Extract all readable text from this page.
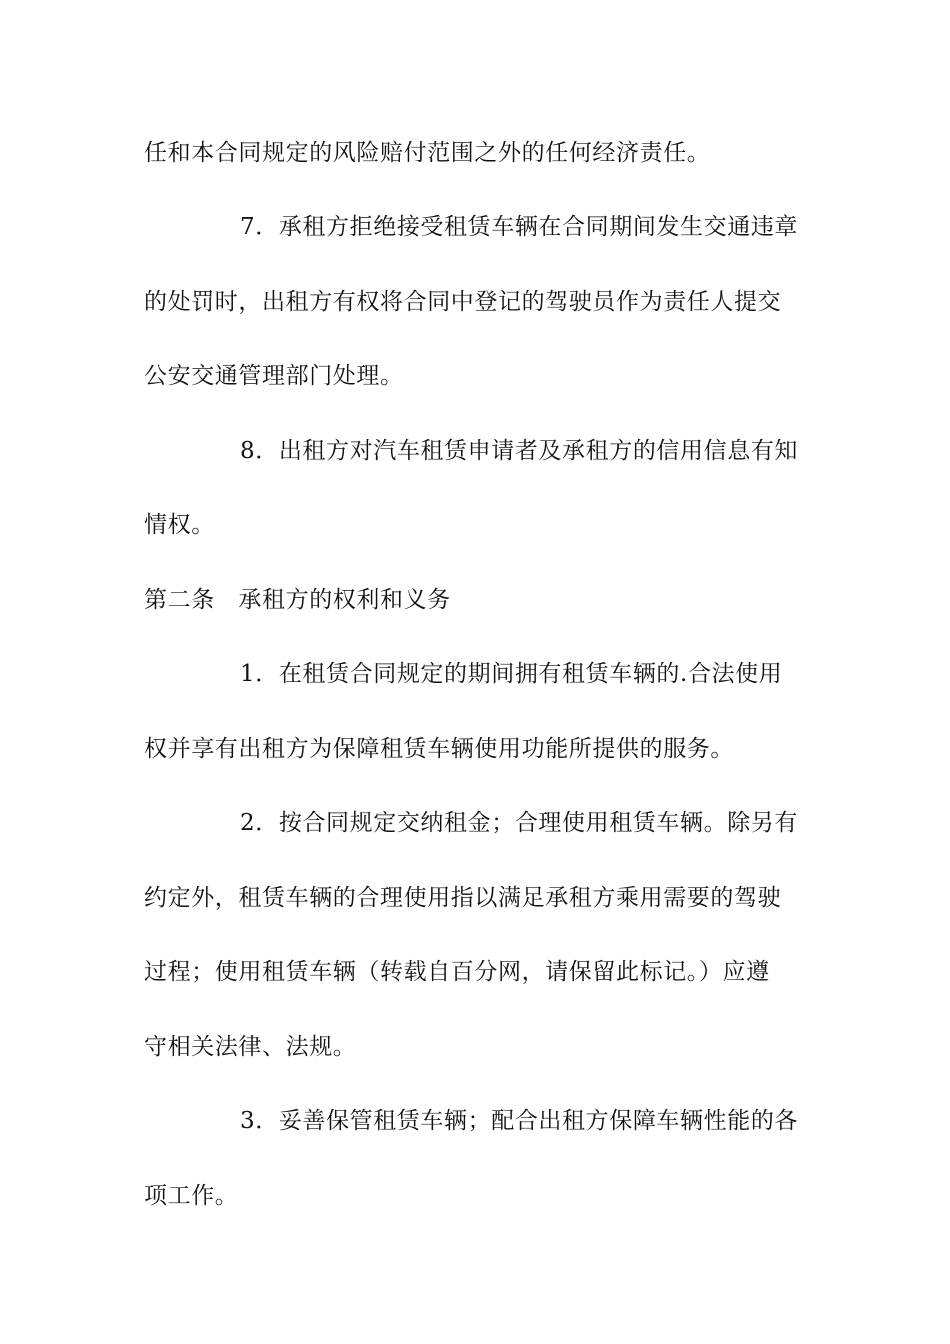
任和本合同规定的风险赔付范围之外的任何经济责任。
7．承租方拒绝接受租赁车辆在合同期间发生交通违章
的处罚时，出租方有权将合同中登记的驾驶员作为责任人提交
公安交通管理部门处理。
8．出租方对汽车租赁申请者及承租方的信用信息有知
情权。
第二条　承租方的权利和义务
1．在租赁合同规定的期间拥有租赁车辆的.合法使用
权并享有出租方为保障租赁车辆使用功能所提供的服务。
2．按合同规定交纳租金；合理使用租赁车辆。除另有
约定外，租赁车辆的合理使用指以满足承租方乘用需要的驾驶
过程；使用租赁车辆（转载自百分网，请保留此标记。）应遵
守相关法律、法规。
3．妥善保管租赁车辆；配合出租方保障车辆性能的各
项工作。
